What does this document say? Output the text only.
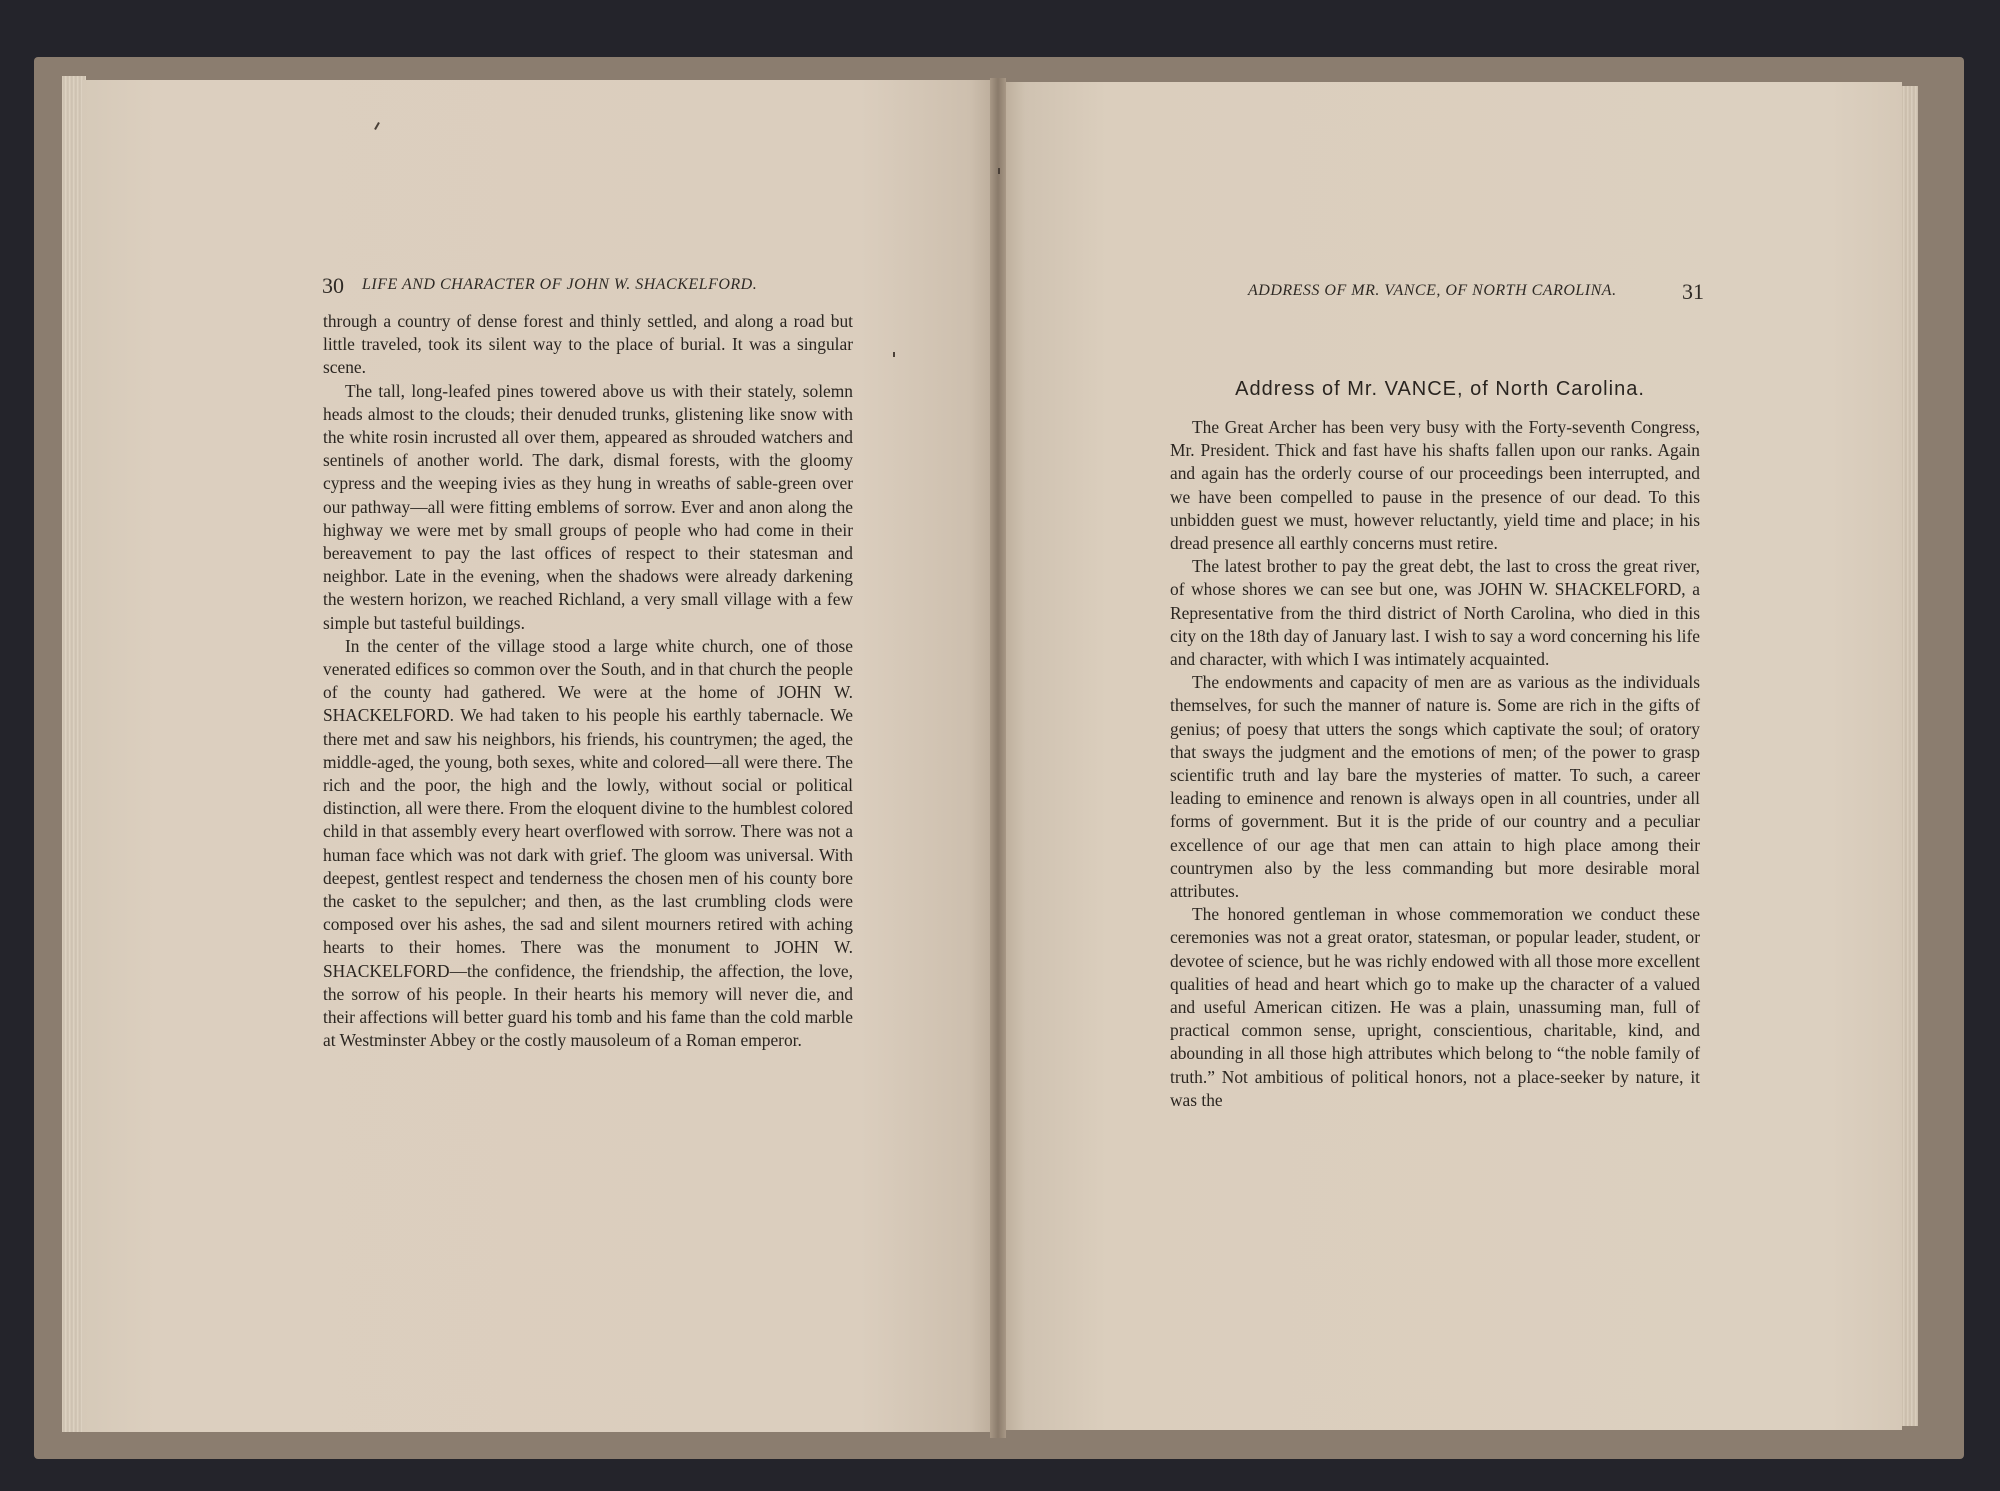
30 LIFE AND CHARACTER OF JOHN W. SHACKELFORD.

through a country of dense forest and thinly settled, and along a road but little traveled, took its silent way to the place of burial. It was a singular scene.

The tall, long-leafed pines towered above us with their stately, solemn heads almost to the clouds; their denuded trunks, glistening like snow with the white rosin incrusted all over them, appeared as shrouded watchers and sentinels of another world. The dark, dismal forests, with the gloomy cypress and the weeping ivies as they hung in wreaths of sable-green over our pathway—all were fitting emblems of sorrow. Ever and anon along the highway we were met by small groups of people who had come in their bereavement to pay the last offices of respect to their statesman and neighbor. Late in the evening, when the shadows were already darkening the western horizon, we reached Richland, a very small village with a few simple but tasteful buildings.

In the center of the village stood a large white church, one of those venerated edifices so common over the South, and in that church the people of the county had gathered. We were at the home of JOHN W. SHACKELFORD. We had taken to his people his earthly tabernacle. We there met and saw his neighbors, his friends, his countrymen; the aged, the middle-aged, the young, both sexes, white and colored—all were there. The rich and the poor, the high and the lowly, without social or political distinction, all were there. From the eloquent divine to the humblest colored child in that assembly every heart overflowed with sorrow. There was not a human face which was not dark with grief. The gloom was universal. With deepest, gentlest respect and tenderness the chosen men of his county bore the casket to the sepulcher; and then, as the last crumbling clods were composed over his ashes, the sad and silent mourners retired with aching hearts to their homes. There was the monument to JOHN W. SHACKELFORD—the confidence, the friendship, the affection, the love, the sorrow of his people. In their hearts his memory will never die, and their affections will better guard his tomb and his fame than the cold marble at Westminster Abbey or the costly mausoleum of a Roman emperor.

ADDRESS OF MR. VANCE, OF NORTH CAROLINA.	31
Address of Mr. VANCE, of North Carolina.

The Great Archer has been very busy with the Forty-seventh Congress, Mr. President. Thick and fast have his shafts fallen upon our ranks. Again and again has the orderly course of our proceedings been interrupted, and we have been compelled to pause in the presence of our dead. To this unbidden guest we must, however reluctantly, yield time and place; in his dread presence all earthly concerns must retire.

The latest brother to pay the great debt, the last to cross the great river, of whose shores we can see but one, was JOHN W. SHACKELFORD, a Representative from the third district of North Carolina, who died in this city on the 18th day of January last. I wish to say a word concerning his life and character, with which I was intimately acquainted.

The endowments and capacity of men are as various as the individuals themselves, for such the manner of nature is. Some are rich in the gifts of genius; of poesy that utters the songs which captivate the soul; of oratory that sways the judgment and the emotions of men; of the power to grasp scientific truth and lay bare the mysteries of matter. To such, a career leading to eminence and renown is always open in all countries, under all forms of government. But it is the pride of our country and a peculiar excellence of our age that men can attain to high place among their countrymen also by the less commanding but more desirable moral attributes.

The honored gentleman in whose commemoration we conduct these ceremonies was not a great orator, statesman, or popular leader, student, or devotee of science, but he was richly endowed with all those more excellent qualities of head and heart which go to make up the character of a valued and useful American citizen. He was a plain, unassuming man, full of practical common sense, upright, conscientious, charitable, kind, and abounding in all those high attributes which belong to “the noble family of truth.” Not ambitious of political honors, not a place-seeker by nature, it was the
